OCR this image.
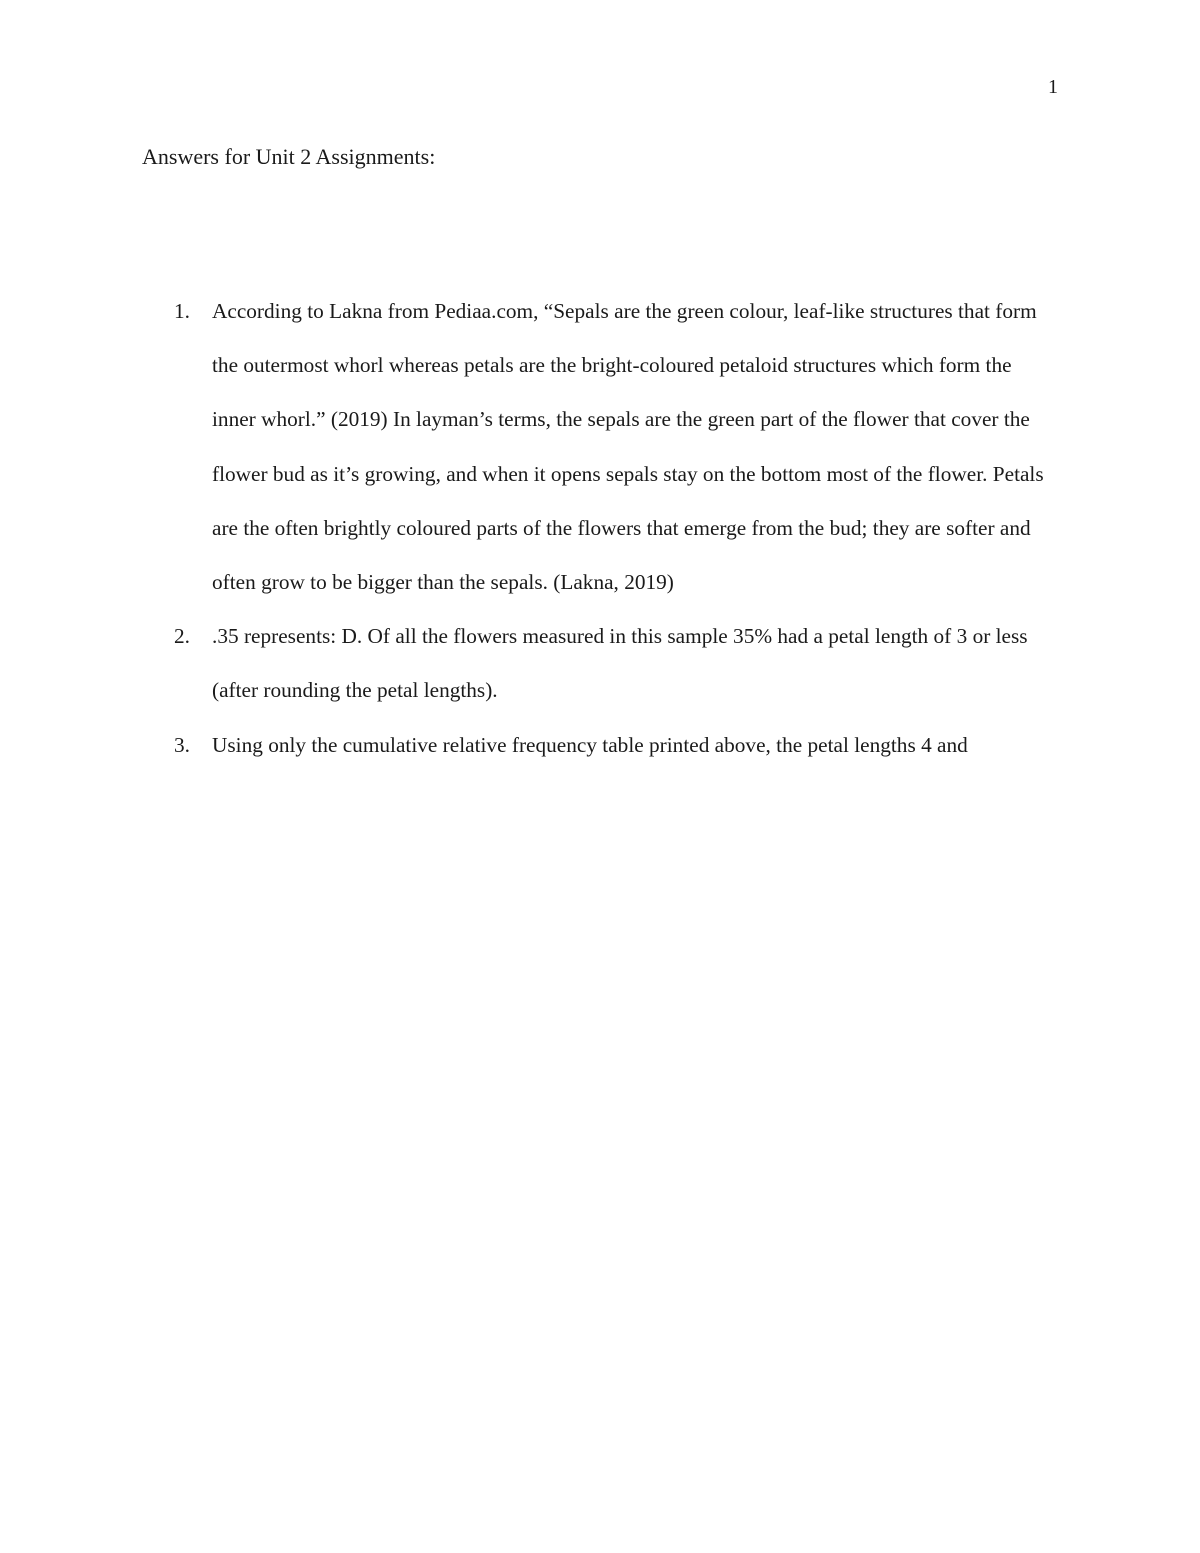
1
Answers for Unit 2 Assignments:
1. According to Lakna from Pediaa.com, “Sepals are the green colour, leaf-like structures that form the outermost whorl whereas petals are the bright-coloured petaloid structures which form the inner whorl.” (2019) In layman’s terms, the sepals are the green part of the flower that cover the flower bud as it’s growing, and when it opens sepals stay on the bottom most of the flower. Petals are the often brightly coloured parts of the flowers that emerge from the bud; they are softer and often grow to be bigger than the sepals. (Lakna, 2019)
2. .35 represents: D. Of all the flowers measured in this sample 35% had a petal length of 3 or less (after rounding the petal lengths).
3. Using only the cumulative relative frequency table printed above, the petal lengths 4 and
